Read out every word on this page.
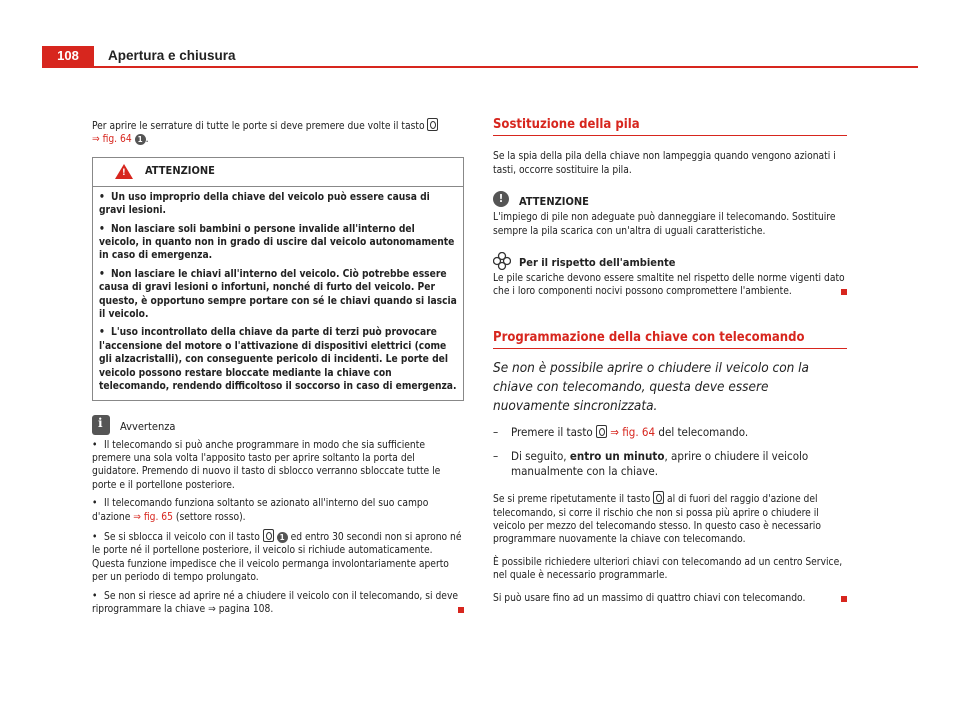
108	Apertura e chiusura
Per aprire le serrature di tutte le porte si deve premere due volte il tasto
⇒ fig. 64 1 .
!
ATTENZIONE

• Un uso improprio della chiave del veicolo può essere causa di gravi lesioni.

• Non lasciare soli bambini o persone invalide all'interno del veicolo, in quanto non in grado di uscire dal veicolo autonomamente in caso di emergenza.

• Non lasciare le chiavi all'interno del veicolo. Ciò potrebbe essere causa di gravi lesioni o infortuni, nonché di furto del veicolo. Per questo, è opportuno sempre portare con sé le chiavi quando si lascia il veicolo.

• L'uso incontrollato della chiave da parte di terzi può provocare l'accensione del motore o l'attivazione di dispositivi elettrici (come gli alzacristalli), con conseguente pericolo di incidenti. Le porte del veicolo possono restare bloccate mediante la chiave con telecomando, rendendo difficoltoso il soccorso in caso di emergenza.

i
Avvertenza

• Il telecomando si può anche programmare in modo che sia sufficiente premere una sola volta l'apposito tasto per aprire soltanto la porta del guidatore. Premendo di nuovo il tasto di sblocco verranno sbloccate tutte le porte e il portellone posteriore.

• Il telecomando funziona soltanto se azionato all'interno del suo campo d'azione ⇒ fig. 65 (settore rosso).

• Se si sblocca il veicolo con il tasto 1 ed entro 30 secondi non si aprono né le porte né il portellone posteriore, il veicolo si richiude automaticamente. Questa funzione impedisce che il veicolo permanga involontariamente aperto per un periodo di tempo prolungato.

• Se non si riesce ad aprire né a chiudere il veicolo con il telecomando, si deve riprogrammare la chiave ⇒ pagina 108.

Sostituzione della pila
Se la spia della pila della chiave non lampeggia quando vengono azionati i tasti, occorre sostituire la pila.
!	ATTENZIONE
L'impiego di pile non adeguate può danneggiare il telecomando. Sostituire sempre la pila scarica con un'altra di uguali caratteristiche.
Per il rispetto dell'ambiente
Le pile scariche devono essere smaltite nel rispetto delle norme vigenti dato che i loro componenti nocivi possono compromettere l'ambiente.
Programmazione della chiave con telecomando
Se non è possibile aprire o chiudere il veicolo con la chiave con telecomando, questa deve essere nuovamente sincronizzata.
– Premere il tasto ⇒ fig. 64 del telecomando.
– Di seguito, entro un minuto, aprire o chiudere il veicolo manualmente con la chiave.
Se si preme ripetutamente il tasto al di fuori del raggio d'azione del telecomando, si corre il rischio che non si possa più aprire o chiudere il veicolo per mezzo del telecomando stesso. In questo caso è necessario programmare nuovamente la chiave con telecomando.
È possibile richiedere ulteriori chiavi con telecomando ad un centro Service, nel quale è necessario programmarle.
Si può usare fino ad un massimo di quattro chiavi con telecomando.
